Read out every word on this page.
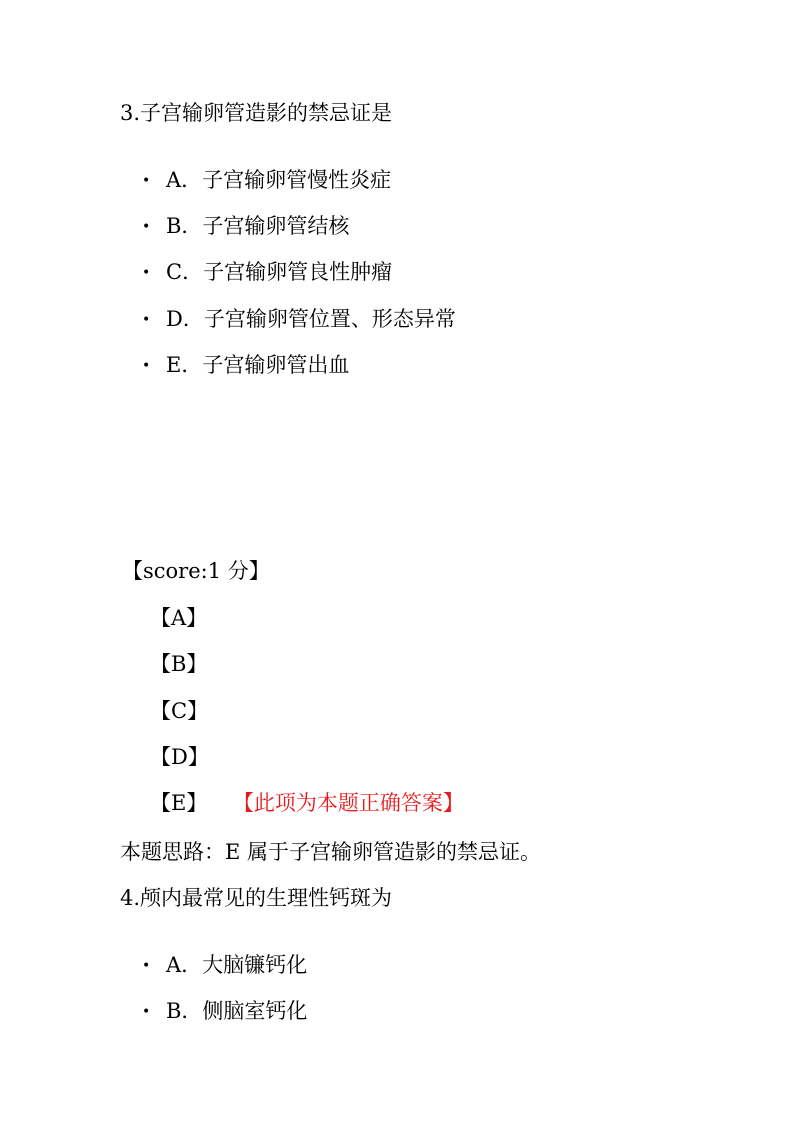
3.子宫输卵管造影的禁忌证是
• A．子宫输卵管慢性炎症
• B．子宫输卵管结核
• C．子宫输卵管良性肿瘤
• D．子宫输卵管位置、形态异常
• E．子宫输卵管出血
【score:1 分】
【A】
【B】
【C】
【D】
【E】 【此项为本题正确答案】
本题思路：E 属于子宫输卵管造影的禁忌证。
4.颅内最常见的生理性钙斑为
• A．大脑镰钙化
• B．侧脑室钙化
